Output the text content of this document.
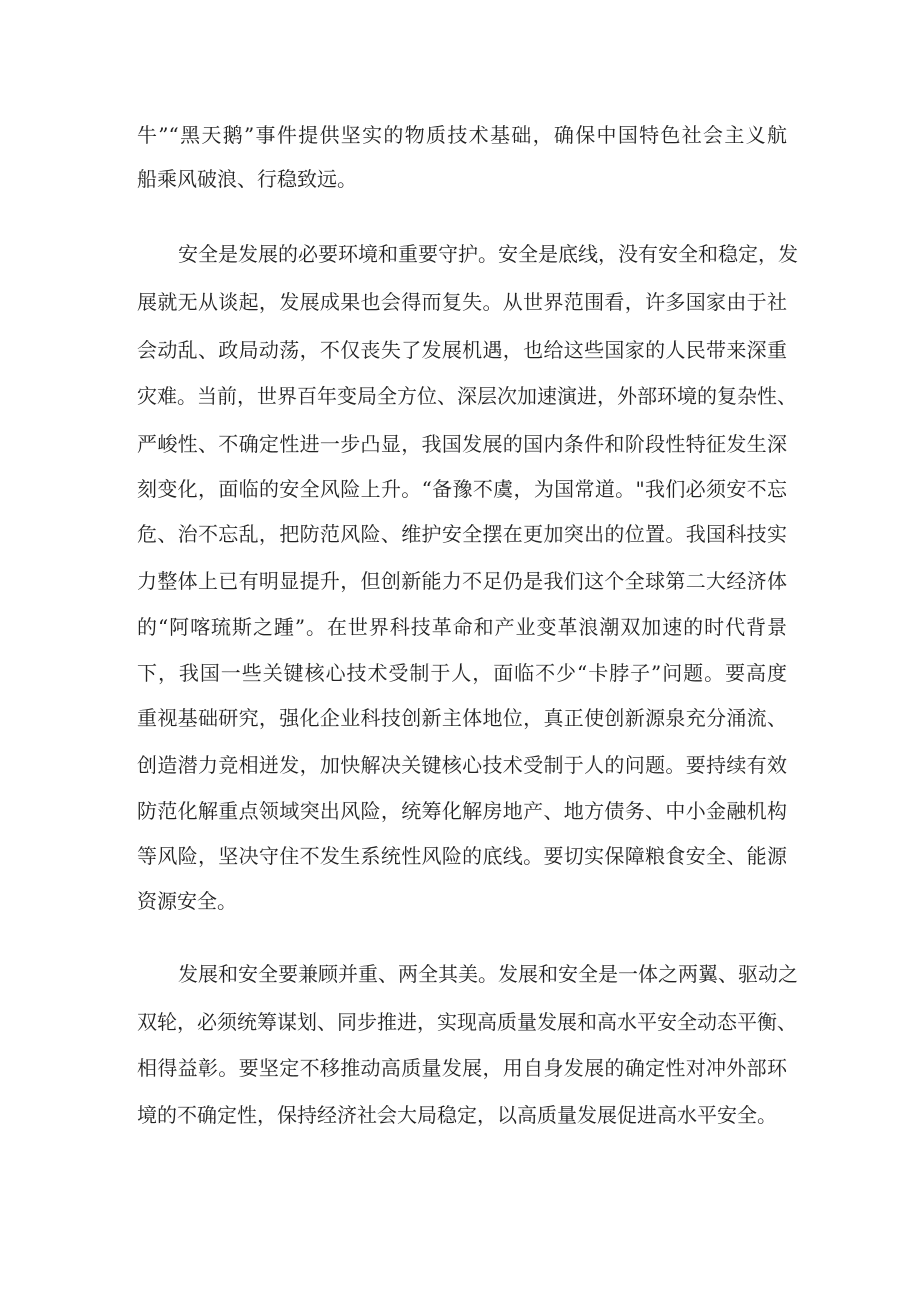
牛”“黑天鹅”事件提供坚实的物质技术基础，确保中国特色社会主义航
船乘风破浪、行稳致远。
安全是发展的必要环境和重要守护。安全是底线，没有安全和稳定，发
展就无从谈起，发展成果也会得而复失。从世界范围看，许多国家由于社
会动乱、政局动荡，不仅丧失了发展机遇，也给这些国家的人民带来深重
灾难。当前，世界百年变局全方位、深层次加速演进，外部环境的复杂性、
严峻性、不确定性进一步凸显，我国发展的国内条件和阶段性特征发生深
刻变化，面临的安全风险上升。“备豫不虞，为国常道。"我们必须安不忘
危、治不忘乱，把防范风险、维护安全摆在更加突出的位置。我国科技实
力整体上已有明显提升，但创新能力不足仍是我们这个全球第二大经济体
的“阿喀琉斯之踵”。在世界科技革命和产业变革浪潮双加速的时代背景
下，我国一些关键核心技术受制于人，面临不少“卡脖子”问题。要高度
重视基础研究，强化企业科技创新主体地位，真正使创新源泉充分涌流、
创造潜力竞相迸发，加快解决关键核心技术受制于人的问题。要持续有效
防范化解重点领域突出风险，统筹化解房地产、地方债务、中小金融机构
等风险，坚决守住不发生系统性风险的底线。要切实保障粮食安全、能源
资源安全。
发展和安全要兼顾并重、两全其美。发展和安全是一体之两翼、驱动之
双轮，必须统筹谋划、同步推进，实现高质量发展和高水平安全动态平衡、
相得益彰。要坚定不移推动高质量发展，用自身发展的确定性对冲外部环
境的不确定性，保持经济社会大局稳定，以高质量发展促进高水平安全。
